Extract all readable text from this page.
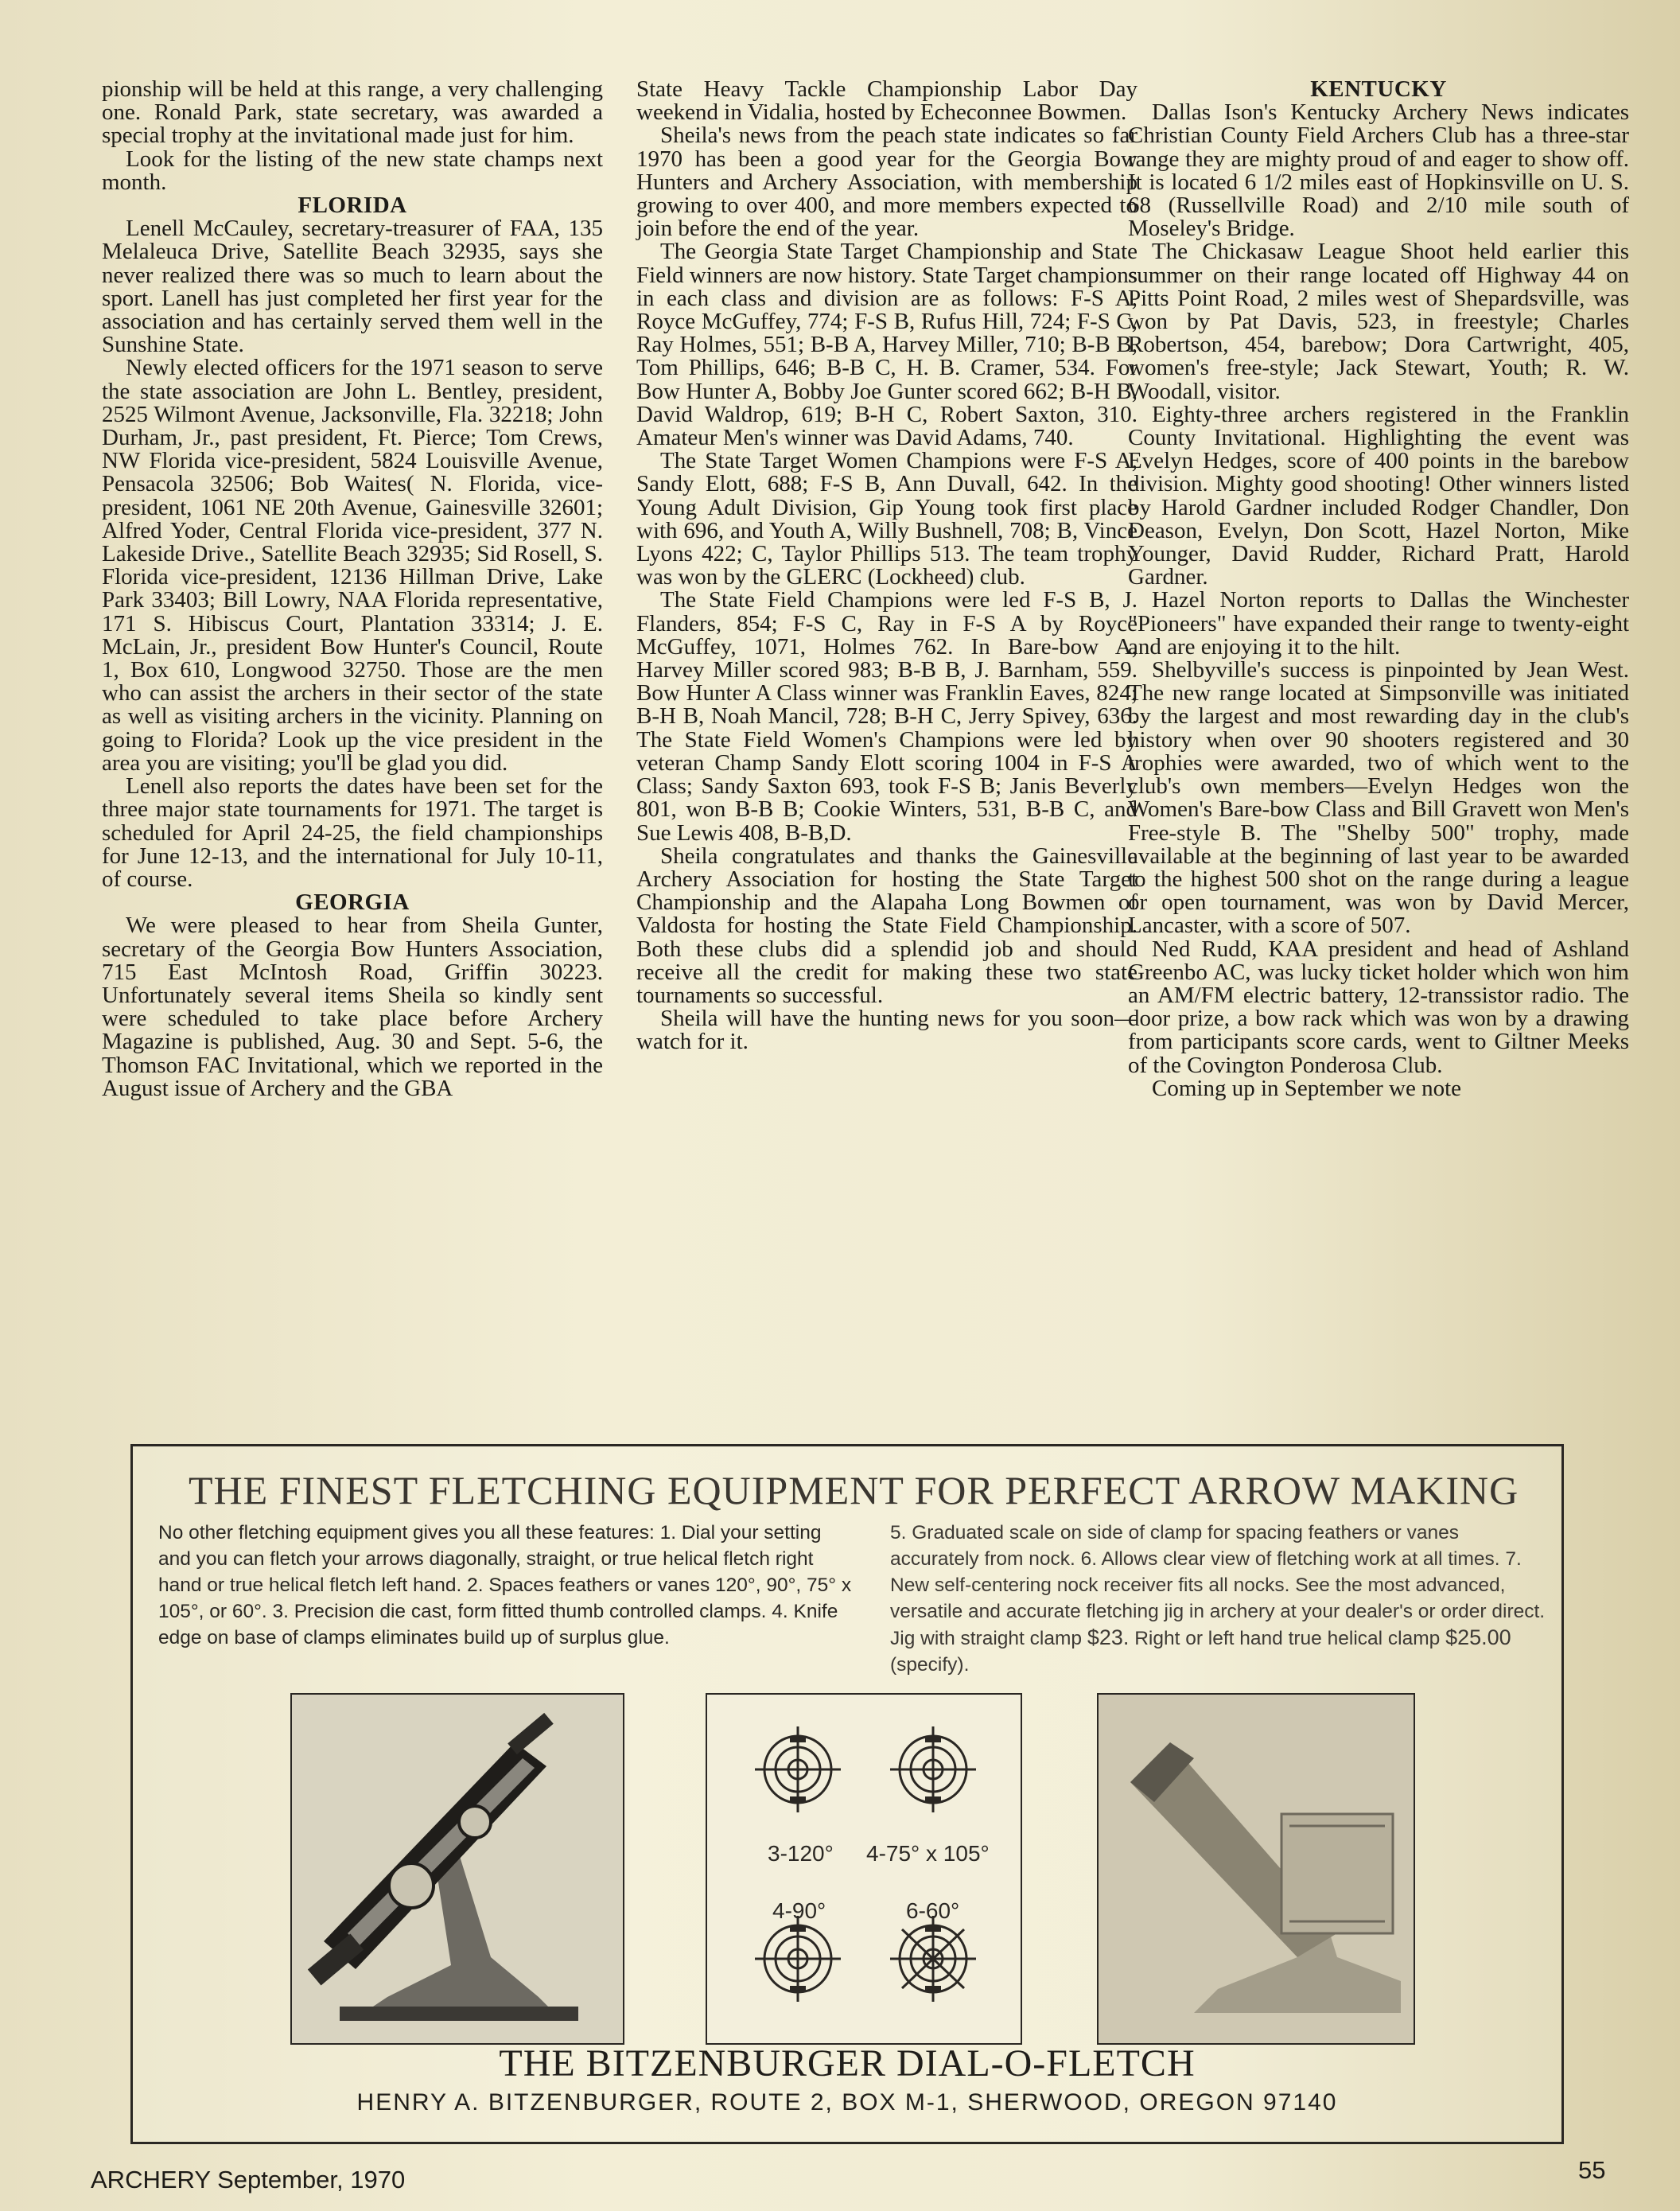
pionship will be held at this range, a very challenging one. Ronald Park, state secretary, was awarded a special trophy at the invitational made just for him.

Look for the listing of the new state champs next month.

FLORIDA

Lenell McCauley, secretary-treasurer of FAA, 135 Melaleuca Drive, Satellite Beach 32935, says she never realized there was so much to learn about the sport. Lanell has just completed her first year for the association and has certainly served them well in the Sunshine State.

Newly elected officers for the 1971 season to serve the state association are John L. Bentley, president, 2525 Wilmont Avenue, Jacksonville, Fla. 32218; John Durham, Jr., past president, Ft. Pierce; Tom Crews, NW Florida vice-president, 5824 Louisville Avenue, Pensacola 32506; Bob Waites( N. Florida, vice-president, 1061 NE 20th Avenue, Gainesville 32601; Alfred Yoder, Central Florida vice-president, 377 N. Lakeside Drive., Satellite Beach 32935; Sid Rosell, S. Florida vice-president, 12136 Hillman Drive, Lake Park 33403; Bill Lowry, NAA Florida representative, 171 S. Hibiscus Court, Plantation 33314; J. E. McLain, Jr., president Bow Hunter's Council, Route 1, Box 610, Longwood 32750. Those are the men who can assist the archers in their sector of the state as well as visiting archers in the vicinity. Planning on going to Florida? Look up the vice president in the area you are visiting; you'll be glad you did.

Lenell also reports the dates have been set for the three major state tournaments for 1971. The target is scheduled for April 24-25, the field championships for June 12-13, and the international for July 10-11, of course.

GEORGIA

We were pleased to hear from Sheila Gunter, secretary of the Georgia Bow Hunters Association, 715 East McIntosh Road, Griffin 30223. Unfortunately several items Sheila so kindly sent were scheduled to take place before Archery Magazine is published, Aug. 30 and Sept. 5-6, the Thomson FAC Invitational, which we reported in the August issue of Archery and the GBA

State Heavy Tackle Championship Labor Day weekend in Vidalia, hosted by Echeconnee Bowmen.

Sheila's news from the peach state indicates so far 1970 has been a good year for the Georgia Bow Hunters and Archery Association, with membership growing to over 400, and more members expected to join before the end of the year.

The Georgia State Target Championship and State Field winners are now history. State Target champions in each class and division are as follows: F-S A, Royce McGuffey, 774; F-S B, Rufus Hill, 724; F-S C, Ray Holmes, 551; B-B A, Harvey Miller, 710; B-B B, Tom Phillips, 646; B-B C, H. B. Cramer, 534. For Bow Hunter A, Bobby Joe Gunter scored 662; B-H B, David Waldrop, 619; B-H C, Robert Saxton, 310. Amateur Men's winner was David Adams, 740.

The State Target Women Champions were F-S A, Sandy Elott, 688; F-S B, Ann Duvall, 642. In the Young Adult Division, Gip Young took first place with 696, and Youth A, Willy Bushnell, 708; B, Vince Lyons 422; C, Taylor Phillips 513. The team trophy was won by the GLERC (Lockheed) club.

The State Field Champions were led F-S B, J. Flanders, 854; F-S C, Ray in F-S A by Royce McGuffey, 1071, Holmes 762. In Bare-bow A, Harvey Miller scored 983; B-B B, J. Barnham, 559. Bow Hunter A Class winner was Franklin Eaves, 824; B-H B, Noah Mancil, 728; B-H C, Jerry Spivey, 636. The State Field Women's Champions were led by veteran Champ Sandy Elott scoring 1004 in F-S A Class; Sandy Saxton 693, took F-S B; Janis Beverly 801, won B-B B; Cookie Winters, 531, B-B C, and Sue Lewis 408, B-B,D.

Sheila congratulates and thanks the Gainesville Archery Association for hosting the State Target Championship and the Alapaha Long Bowmen of Valdosta for hosting the State Field Championship. Both these clubs did a splendid job and should receive all the credit for making these two state tournaments so successful.

Sheila will have the hunting news for you soon—watch for it.

KENTUCKY

Dallas Ison's Kentucky Archery News indicates Christian County Field Archers Club has a three-star range they are mighty proud of and eager to show off. It is located 6 1/2 miles east of Hopkinsville on U. S. 68 (Russellville Road) and 2/10 mile south of Moseley's Bridge.

The Chickasaw League Shoot held earlier this summer on their range located off Highway 44 on Pitts Point Road, 2 miles west of Shepardsville, was won by Pat Davis, 523, in freestyle; Charles Robertson, 454, barebow; Dora Cartwright, 405, women's free-style; Jack Stewart, Youth; R. W. Woodall, visitor.

Eighty-three archers registered in the Franklin County Invitational. Highlighting the event was Evelyn Hedges, score of 400 points in the barebow division. Mighty good shooting! Other winners listed by Harold Gardner included Rodger Chandler, Don Deason, Evelyn, Don Scott, Hazel Norton, Mike Younger, David Rudder, Richard Pratt, Harold Gardner.

Hazel Norton reports to Dallas the Winchester "Pioneers" have expanded their range to twenty-eight and are enjoying it to the hilt.

Shelbyville's success is pinpointed by Jean West. The new range located at Simpsonville was initiated by the largest and most rewarding day in the club's history when over 90 shooters registered and 30 trophies were awarded, two of which went to the club's own members—Evelyn Hedges won the Women's Bare-bow Class and Bill Gravett won Men's Free-style B. The "Shelby 500" trophy, made available at the beginning of last year to be awarded to the highest 500 shot on the range during a league or open tournament, was won by David Mercer, Lancaster, with a score of 507.

Ned Rudd, KAA president and head of Ashland Greenbo AC, was lucky ticket holder which won him an AM/FM electric battery, 12-transsistor radio. The door prize, a bow rack which was won by a drawing from participants score cards, went to Giltner Meeks of the Covington Ponderosa Club.

Coming up in September we note

THE FINEST FLETCHING EQUIPMENT FOR PERFECT ARROW MAKING
No other fletching equipment gives you all these features: 1. Dial your setting and you can fletch your arrows diagonally, straight, or true helical fletch right hand or true helical fletch left hand. 2. Spaces feathers or vanes 120°, 90°, 75° x 105°, or 60°. 3. Precision die cast, form fitted thumb controlled clamps. 4. Knife edge on base of clamps eliminates build up of surplus glue.
5. Graduated scale on side of clamp for spacing feathers or vanes accurately from nock. 6. Allows clear view of fletching work at all times. 7. New self-centering nock receiver fits all nocks. See the most advanced, versatile and accurate fletching jig in archery at your dealer's or order direct. Jig with straight clamp $23. Right or left hand true helical clamp $25.00 (specify).
3-120° 4-75° x 105°
4-90°	6-60°
THE BITZENBURGER DIAL-O-FLETCH
HENRY A. BITZENBURGER, ROUTE 2, BOX M-1, SHERWOOD, OREGON 97140
ARCHERY September, 1970	55
